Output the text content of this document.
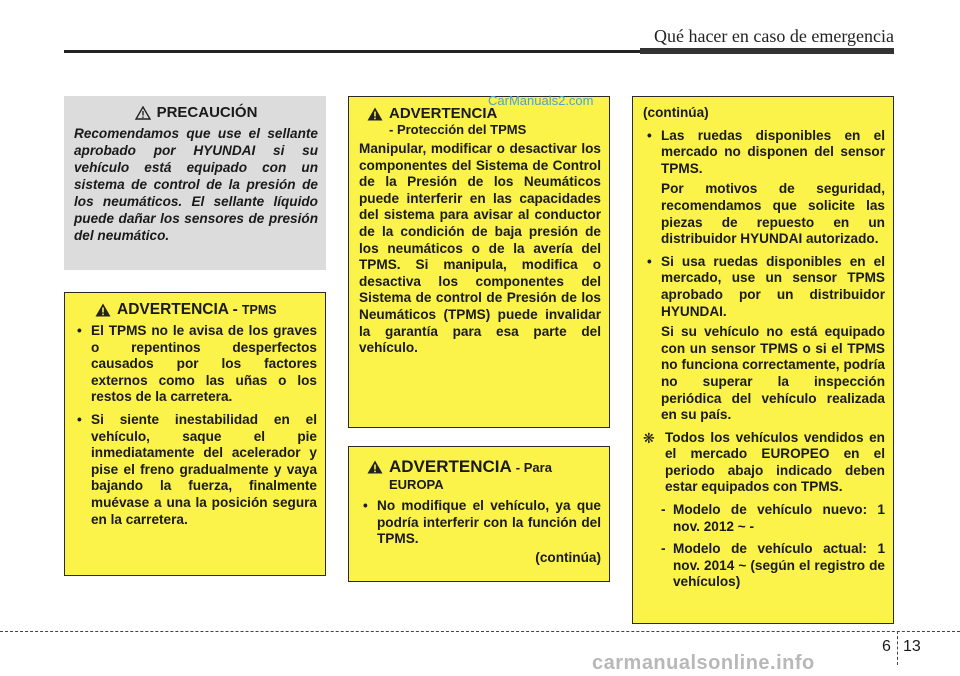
Qué hacer en caso de emergencia
PRECAUCIÓN

Recomendamos que use el sellante aprobado por HYUNDAI si su vehículo está equipado con un sistema de control de la presión de los neumáticos. El sellante líquido puede dañar los sensores de presión del neumático.

ADVERTENCIA - TPMS
• El TPMS no le avisa de los graves o repentinos desperfectos causados por los factores externos como las uñas o los restos de la carretera.
• Si siente inestabilidad en el vehículo, saque el pie inmediatamente del acelerador y pise el freno gradualmente y vaya bajando la fuerza, finalmente muévase a una la posición segura en la carretera.
ADVERTENCIA
- Protección del TPMS

Manipular, modificar o desactivar los componentes del Sistema de Control de la Presión de los Neumáticos puede interferir en las capacidades del sistema para avisar al conductor de la condición de baja presión de los neumáticos o de la avería del TPMS. Si manipula, modifica o desactiva los componentes del Sistema de control de Presión de los Neumáticos (TPMS) puede invalidar la garantía para esa parte del vehículo.

CarManuals2.com
ADVERTENCIA - Para
EUROPA
• No modifique el vehículo, ya que podría interferir con la función del TPMS.
(continúa)
(continúa)
• Las ruedas disponibles en el mercado no disponen del sensor TPMS.

Por motivos de seguridad, recomendamos que solicite las piezas de repuesto en un distribuidor HYUNDAI autorizado.

• Si usa ruedas disponibles en el mercado, use un sensor TPMS aprobado por un distribuidor HYUNDAI.

Si su vehículo no está equipado con un sensor TPMS o si el TPMS no funciona correctamente, podría no superar la inspección periódica del vehículo realizada en su país.

❋ Todos los vehículos vendidos en el mercado EUROPEO en el periodo abajo indicado deben estar equipados con TPMS.
- Modelo de vehículo nuevo: 1 nov. 2012 ~ -
- Modelo de vehículo actual: 1 nov. 2014 ~ (según el registro de vehículos)
6 13
carmanualsonline.info
